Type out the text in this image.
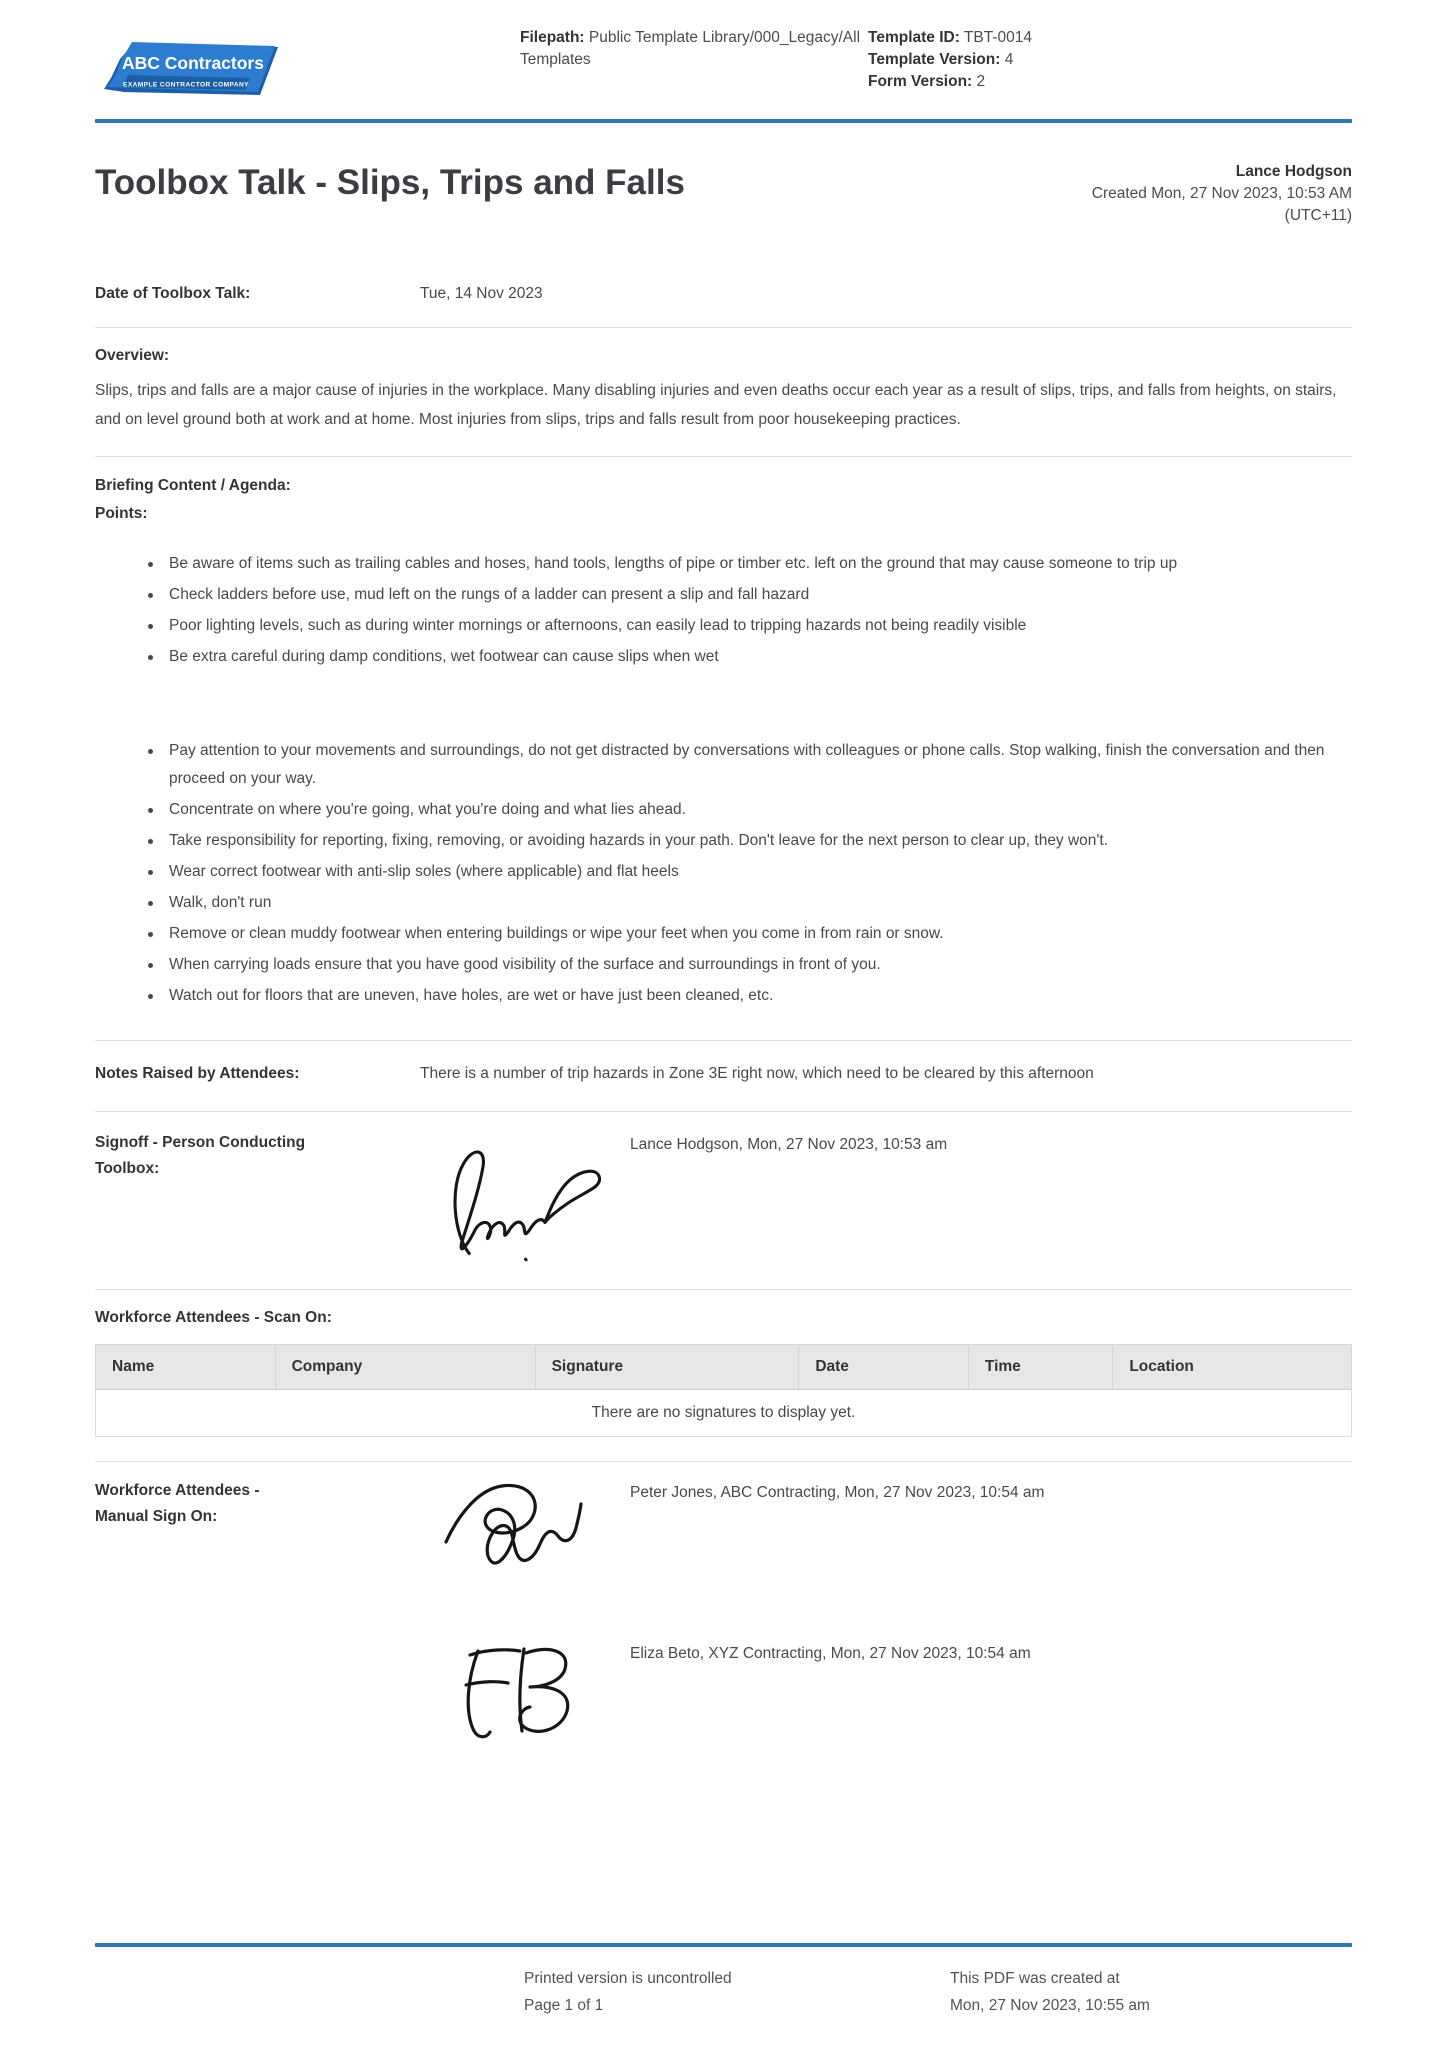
ABC Contractors
EXAMPLE CONTRACTOR COMPANY
Filepath: Public Template Library/000_Legacy/All Templates
Template ID: TBT-0014
Template Version: 4
Form Version: 2
Toolbox Talk - Slips, Trips and Falls	Lance Hodgson
Created Mon, 27 Nov 2023, 10:53 AM
(UTC+11)
Date of Toolbox Talk:	Tue, 14 Nov 2023
Overview:

Slips, trips and falls are a major cause of injuries in the workplace. Many disabling injuries and even deaths occur each year as a result of slips, trips, and falls from heights, on stairs, and on level ground both at work and at home. Most injuries from slips, trips and falls result from poor housekeeping practices.

Briefing Content / Agenda:
Points:
Be aware of items such as trailing cables and hoses, hand tools, lengths of pipe or timber etc. left on the ground that may cause someone to trip up
Check ladders before use, mud left on the rungs of a ladder can present a slip and fall hazard
Poor lighting levels, such as during winter mornings or afternoons, can easily lead to tripping hazards not being readily visible
Be extra careful during damp conditions, wet footwear can cause slips when wet
Pay attention to your movements and surroundings, do not get distracted by conversations with colleagues or phone calls. Stop walking, finish the conversation and then proceed on your way.
Concentrate on where you're going, what you're doing and what lies ahead.
Take responsibility for reporting, fixing, removing, or avoiding hazards in your path. Don't leave for the next person to clear up, they won't.
Wear correct footwear with anti-slip soles (where applicable) and flat heels
Walk, don't run
Remove or clean muddy footwear when entering buildings or wipe your feet when you come in from rain or snow.
When carrying loads ensure that you have good visibility of the surface and surroundings in front of you.
Watch out for floors that are uneven, have holes, are wet or have just been cleaned, etc.
Notes Raised by Attendees:	There is a number of trip hazards in Zone 3E right now, which need to be cleared by this afternoon
Signoff - Person Conducting Toolbox:
Lance Hodgson, Mon, 27 Nov 2023, 10:53 am
Workforce Attendees - Scan On:
Name	Company	Signature	Date	Time	Location
There are no signatures to display yet.
Workforce Attendees - Manual Sign On:
Peter Jones, ABC Contracting, Mon, 27 Nov 2023, 10:54 am
Eliza Beto, XYZ Contracting, Mon, 27 Nov 2023, 10:54 am
Printed version is uncontrolled
Page 1 of 1
This PDF was created at
Mon, 27 Nov 2023, 10:55 am
